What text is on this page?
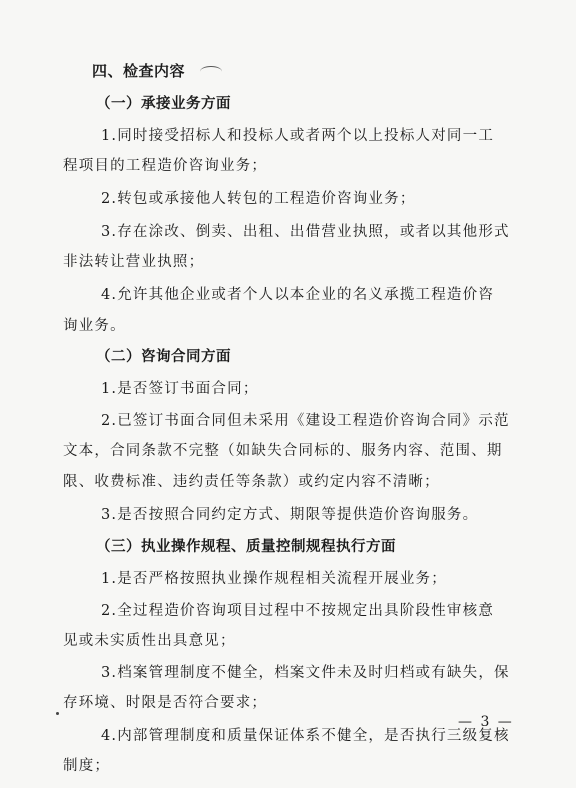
四、检查内容
（一）承接业务方面
1.同时接受招标人和投标人或者两个以上投标人对同一工
程项目的工程造价咨询业务；
2.转包或承接他人转包的工程造价咨询业务；
3.存在涂改、倒卖、出租、出借营业执照，或者以其他形式
非法转让营业执照；
4.允许其他企业或者个人以本企业的名义承揽工程造价咨
询业务。
（二）咨询合同方面
1.是否签订书面合同；
2.已签订书面合同但未采用《建设工程造价咨询合同》示范
文本，合同条款不完整（如缺失合同标的、服务内容、范围、期
限、收费标准、违约责任等条款）或约定内容不清晰；
3.是否按照合同约定方式、期限等提供造价咨询服务。
（三）执业操作规程、质量控制规程执行方面
1.是否严格按照执业操作规程相关流程开展业务；
2.全过程造价咨询项目过程中不按规定出具阶段性审核意
见或未实质性出具意见；
3.档案管理制度不健全，档案文件未及时归档或有缺失，保
存环境、时限是否符合要求；
4.内部管理制度和质量保证体系不健全，是否执行三级复核
制度；
— 3 —
